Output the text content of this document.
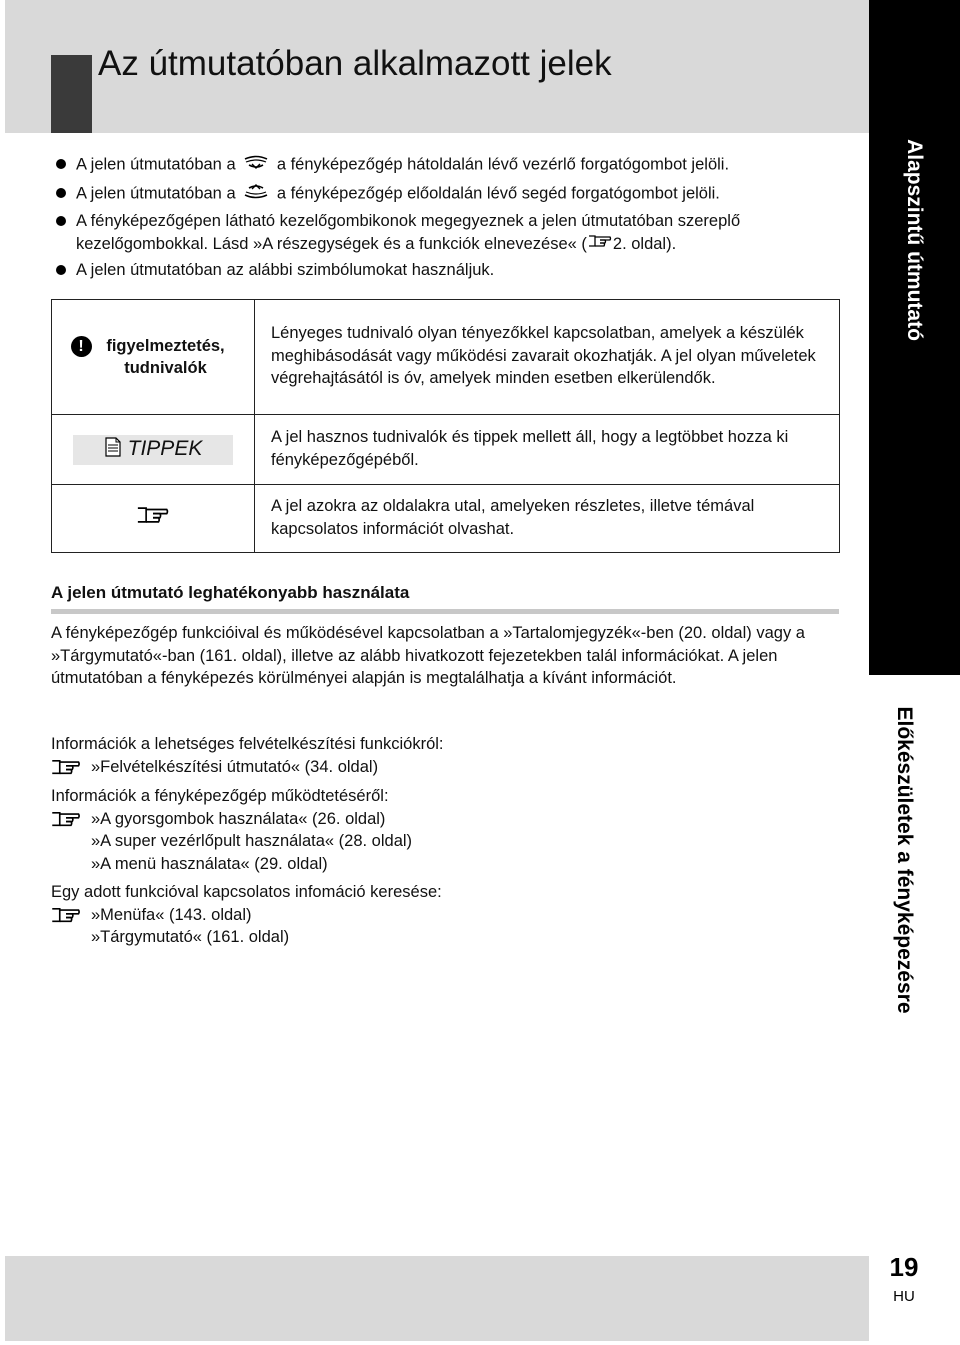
Az útmutatóban alkalmazott jelek
Alapszintű útmutató
Előkészületek a fényképezésre
19
HU
A jelen útmutatóban a a fényképezőgép hátoldalán lévő vezérlő forgatógombot jelöli.
A jelen útmutatóban a a fényképezőgép előoldalán lévő segéd forgatógombot jelöli.
A fényképezőgépen látható kezelőgombikonok megegyeznek a jelen útmutatóban szereplő kezelőgombokkal. Lásd »A részegységek és a funkciók elnevezése« ( 2. oldal).
A jelen útmutatóban az alábbi szimbólumokat használjuk.
! figyelmeztetés, tudnivalók	Lényeges tudnivaló olyan tényezőkkel kapcsolatban, amelyek a készülék meghibásodását vagy működési zavarait okozhatják. A jel olyan műveletek végrehajtásától is óv, amelyek minden esetben elkerülendők.

TIPPEK	A jel hasznos tudnivalók és tippek mellett áll, hogy a legtöbbet hozza ki fényképezőgépéből.
	A jel azokra az oldalakra utal, amelyeken részletes, illetve témával kapcsolatos információt olvashat.
A jelen útmutató leghatékonyabb használata

A fényképezőgép funkcióival és működésével kapcsolatban a »Tartalomjegyzék«-ben (20. oldal) vagy a »Tárgymutató«-ban (161. oldal), illetve az alább hivatkozott fejezetekben talál információkat. A jelen útmutatóban a fényképezés körülményei alapján is megtalálhatja a kívánt információt.

Információk a lehetséges felvételkészítési funkciókról:

»Felvételkészítési útmutató« (34. oldal)

Információk a fényképezőgép működtetéséről:

»A gyorsgombok használata« (26. oldal)
»A super vezérlőpult használata« (28. oldal)
»A menü használata« (29. oldal)

Egy adott funkcióval kapcsolatos infomáció keresése:

»Menüfa« (143. oldal)
»Tárgymutató« (161. oldal)
